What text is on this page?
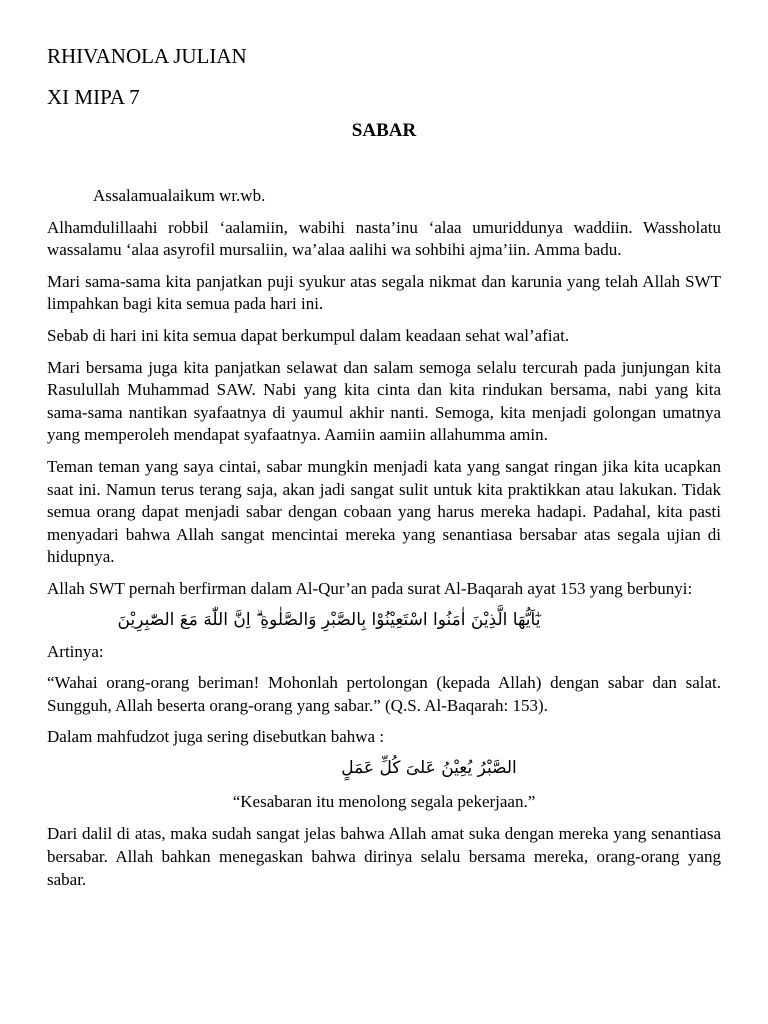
RHIVANOLA JULIAN
XI MIPA 7
SABAR

Assalamualaikum wr.wb.

Alhamdulillaahi robbil ‘aalamiin, wabihi nasta’inu ‘alaa umuriddunya waddiin. Wassholatu wassalamu ‘alaa asyrofil mursaliin, wa’alaa aalihi wa sohbihi ajma’iin. Amma badu.

Mari sama-sama kita panjatkan puji syukur atas segala nikmat dan karunia yang telah Allah SWT limpahkan bagi kita semua pada hari ini.

Sebab di hari ini kita semua dapat berkumpul dalam keadaan sehat wal’afiat.

Mari bersama juga kita panjatkan selawat dan salam semoga selalu tercurah pada junjungan kita Rasulullah Muhammad SAW. Nabi yang kita cinta dan kita rindukan bersama, nabi yang kita sama-sama nantikan syafaatnya di yaumul akhir nanti. Semoga, kita menjadi golongan umatnya yang memperoleh mendapat syafaatnya. Aamiin aamiin allahumma amin.

Teman teman yang saya cintai, sabar mungkin menjadi kata yang sangat ringan jika kita ucapkan saat ini. Namun terus terang saja, akan jadi sangat sulit untuk kita praktikkan atau lakukan. Tidak semua orang dapat menjadi sabar dengan cobaan yang harus mereka hadapi. Padahal, kita pasti menyadari bahwa Allah sangat mencintai mereka yang senantiasa bersabar atas segala ujian di hidupnya.

Allah SWT pernah berfirman dalam Al-Qur’an pada surat Al-Baqarah ayat 153 yang berbunyi:

يٰٓاَيُّهَا الَّذِيْنَ اٰمَنُوا اسْتَعِيْنُوْا بِالصَّبْرِ وَالصَّلٰوةِ ۗ اِنَّ اللّٰهَ مَعَ الصّٰبِرِيْنَ

Artinya:

“Wahai orang-orang beriman! Mohonlah pertolongan (kepada Allah) dengan sabar dan salat. Sungguh, Allah beserta orang-orang yang sabar.” (Q.S. Al-Baqarah: 153).

Dalam mahfudzot juga sering disebutkan bahwa :

الصَّبْرُ يُعِيْنُ عَلىَ كُلِّ عَمَلٍ
“Kesabaran itu menolong segala pekerjaan.”

Dari dalil di atas, maka sudah sangat jelas bahwa Allah amat suka dengan mereka yang senantiasa bersabar. Allah bahkan menegaskan bahwa dirinya selalu bersama mereka, orang-orang yang sabar.
